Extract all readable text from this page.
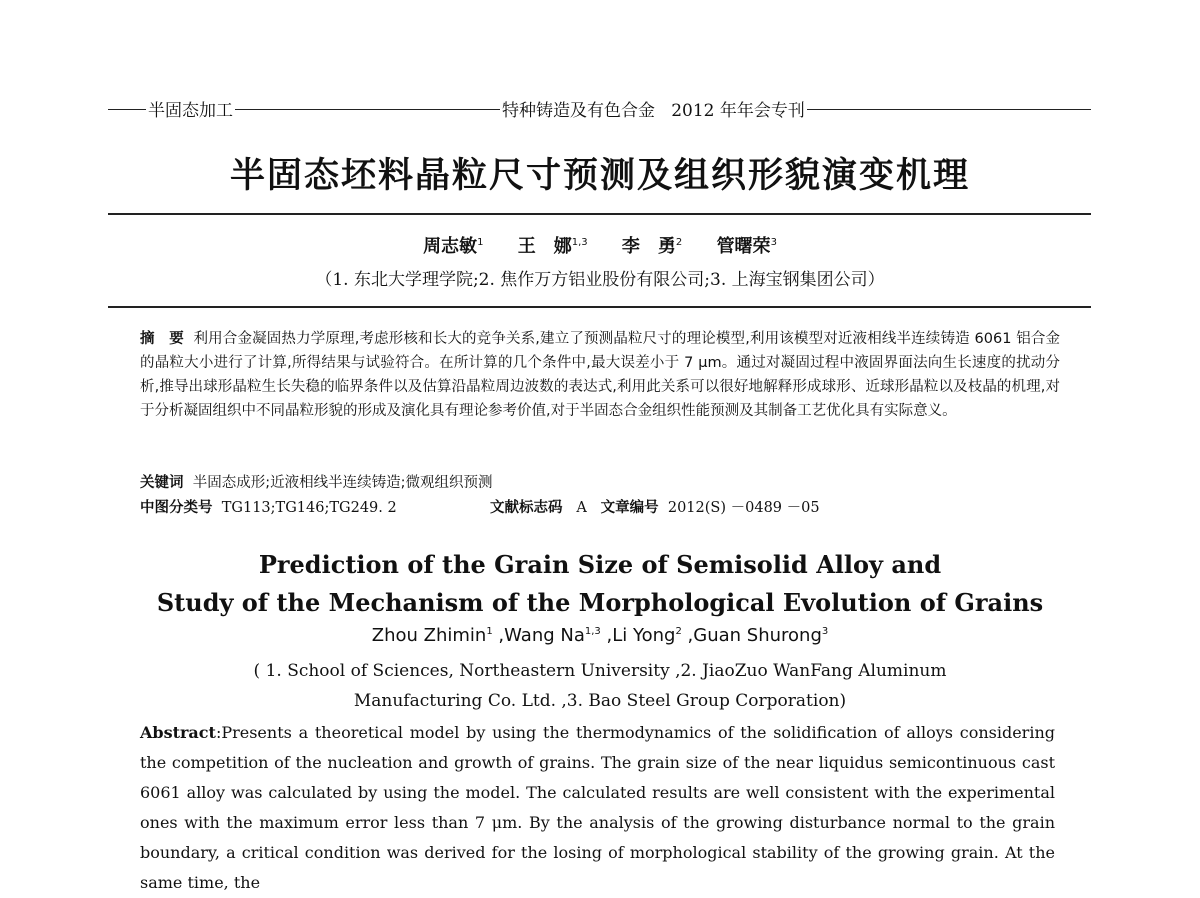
半固态加工	特种铸造及有色合金 2012 年年会专刊
半固态坯料晶粒尺寸预测及组织形貌演变机理
周志敏$^1$ 王　娜$^{1,3}$ 李　勇$^2$ 管曙荣$^3$
（1. 东北大学理学院;2. 焦作万方铝业股份有限公司;3. 上海宝钢集团公司）
摘　要 利用合金凝固热力学原理,考虑形核和长大的竞争关系,建立了预测晶粒尺寸的理论模型,利用该模型对近液相线半连续铸造 6061 铝合金的晶粒大小进行了计算,所得结果与试验符合。在所计算的几个条件中,最大误差小于 7 μm。通过对凝固过程中液固界面法向生长速度的扰动分析,推导出球形晶粒生长失稳的临界条件以及估算沿晶粒周边波数的表达式,利用此关系可以很好地解释形成球形、近球形晶粒以及枝晶的机理,对于分析凝固组织中不同晶粒形貌的形成及演化具有理论参考价值,对于半固态合金组织性能预测及其制备工艺优化具有实际意义。
关键词 半固态成形;近液相线半连续铸造;微观组织预测
中图分类号 TG113;TG146;TG249. 2	文献标志码 A 文章编号 2012(S) －0489 －05
Prediction of the Grain Size of Semisolid Alloy and
Study of the Mechanism of the Morphological Evolution of Grains
Zhou Zhimin$^1$ ,Wang Na$^{1,3}$ ,Li Yong$^2$ ,Guan Shurong$^3$
( 1. School of Sciences, Northeastern University ,2. JiaoZuo WanFang Aluminum
Manufacturing Co. Ltd. ,3. Bao Steel Group Corporation)
Abstract:Presents a theoretical model by using the thermodynamics of the solidification of alloys considering the competition of the nucleation and growth of grains. The grain size of the near liquidus semicontinuous cast 6061 alloy was calculated by using the model. The calculated results are well consistent with the experimental ones with the maximum error less than 7 μm. By the analysis of the growing disturbance normal to the grain boundary, a critical condition was derived for the losing of morphological stability of the growing grain. At the same time, the
